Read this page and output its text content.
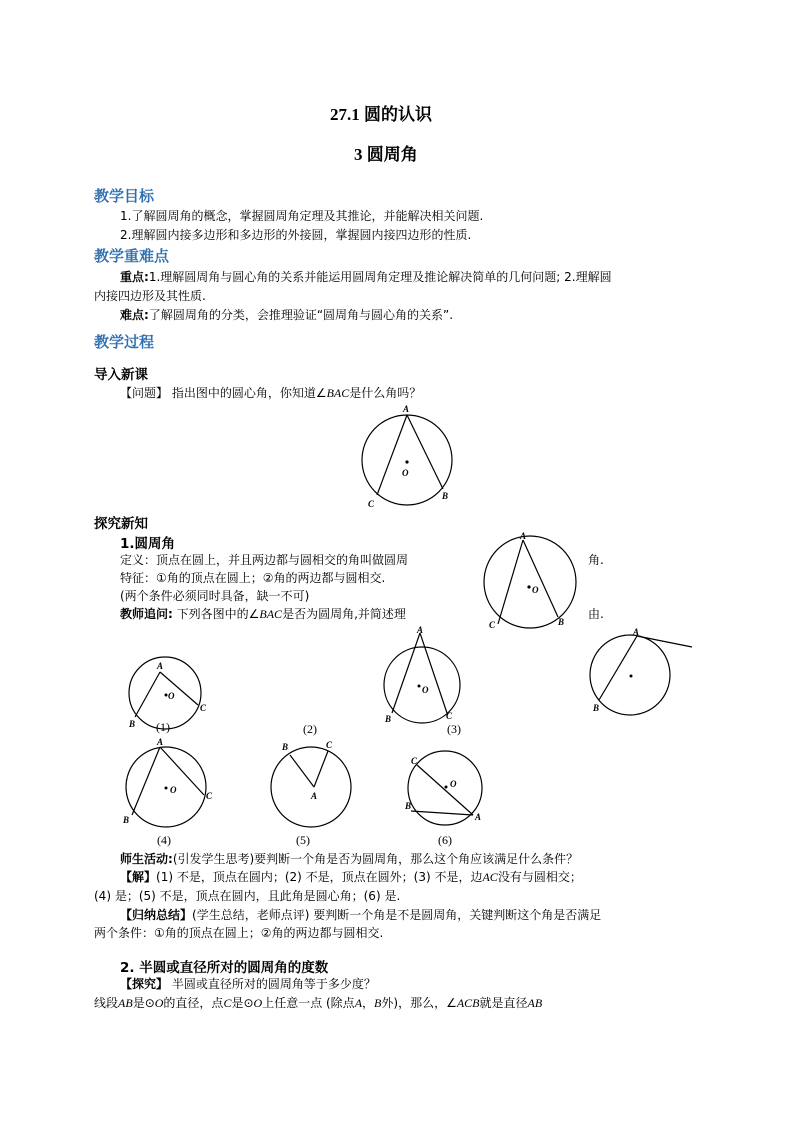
27.1 圆的认识
3 圆周角
教学目标
1.了解圆周角的概念，掌握圆周角定理及其推论，并能解决相关问题.
2.理解圆内接多边形和多边形的外接圆，掌握圆内接四边形的性质.
教学重难点
重点:1.理解圆周角与圆心角的关系并能运用圆周角定理及推论解决简单的几何问题; 2.理解圆
内接四边形及其性质.
难点:了解圆周角的分类，会推理验证“圆周角与圆心角的关系”.
教学过程
导入新课
【问题】 指出图中的圆心角，你知道∠BAC是什么角吗？
A
O
C
B
探究新知
1.圆周角
定义：顶点在圆上，并且两边都与圆相交的角叫做圆周	角.
特征：①角的顶点在圆上；②角的两边都与圆相交.
(两个条件必须同时具备，缺一不可)
教师追问: 下列各图中的∠BAC是否为圆周角,并简述理	由.
A
O
C	B
A
O
B
C
(1)	(2)
A
O
B	C
(3)
A
B
A
O
B
C
(4)
B	C
A
(5)
C
O
B
A
(6)
师生活动:(引发学生思考)要判断一个角是否为圆周角，那么这个角应该满足什么条件？
【解】(1) 不是，顶点在圆内；(2) 不是，顶点在圆外；(3) 不是，边AC没有与圆相交；
(4) 是；(5) 不是，顶点在圆内，且此角是圆心角；(6) 是.
【归纳总结】(学生总结，老师点评) 要判断一个角是不是圆周角，关键判断这个角是否满足
两个条件：①角的顶点在圆上；②角的两边都与圆相交.
2. 半圆或直径所对的圆周角的度数
【探究】 半圆或直径所对的圆周角等于多少度？
线段AB是⊙O的直径，点C是⊙O上任意一点 (除点A，B外)，那么，∠ACB就是直径AB
